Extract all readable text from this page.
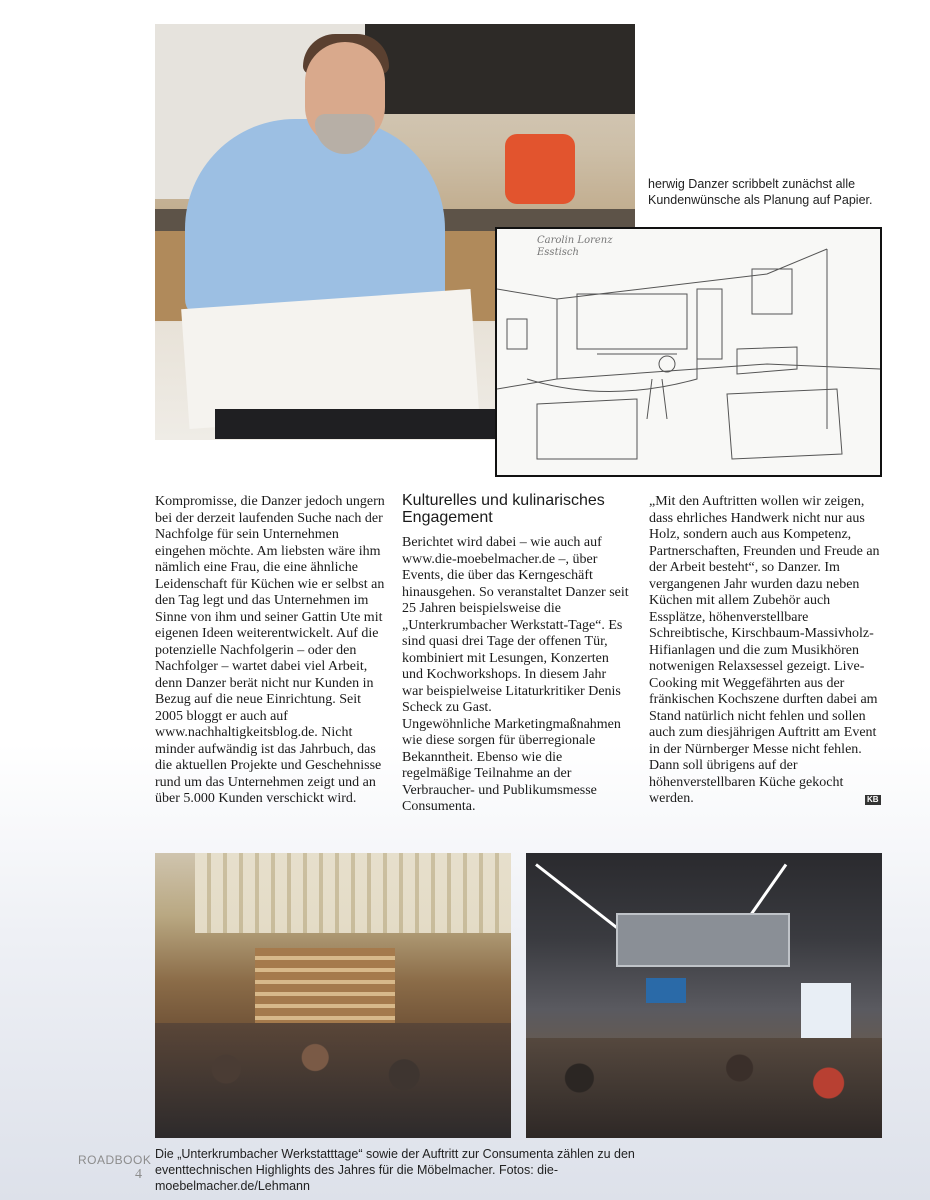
herwig Danzer scribbelt zunächst alle Kundenwünsche als Planung auf Papier.
Carolin Lorenz
Esstisch

Kompromisse, die Danzer jedoch ungern bei der derzeit laufenden Suche nach der Nachfolge für sein Unternehmen eingehen möchte. Am liebsten wäre ihm nämlich eine Frau, die eine ähnliche Leidenschaft für Küchen wie er selbst an den Tag legt und das Unternehmen im Sinne von ihm und seiner Gattin Ute mit eigenen Ideen weiterentwickelt. Auf die potenzielle Nachfolgerin – oder den Nachfolger – wartet dabei viel Arbeit, denn Danzer berät nicht nur Kunden in Bezug auf die neue Einrichtung. Seit 2005 bloggt er auch auf www.nachhaltigkeitsblog.de. Nicht minder aufwändig ist das Jahrbuch, das die aktuellen Projekte und Geschehnisse rund um das Unternehmen zeigt und an über 5.000 Kunden verschickt wird.

Kulturelles und kulinarisches Engagement

Berichtet wird dabei – wie auch auf www.die-moebelmacher.de –, über Events, die über das Kerngeschäft hinausgehen. So veranstaltet Danzer seit 25 Jahren beispielsweise die „Unterkrumbacher Werkstatt-Tage“. Es sind quasi drei Tage der offenen Tür, kombiniert mit Lesungen, Konzerten und Kochworkshops. In diesem Jahr war beispielweise Litaturkritiker Denis Scheck zu Gast.

Ungewöhnliche Marketingmaßnahmen wie diese sorgen für überregionale Bekanntheit. Ebenso wie die regelmäßige Teilnahme an der Verbraucher- und Publikumsmesse Consumenta.

„Mit den Auftritten wollen wir zeigen, dass ehrliches Handwerk nicht nur aus Holz, sondern auch aus Kompetenz, Partnerschaften, Freunden und Freude an der Arbeit besteht“, so Danzer. Im vergangenen Jahr wurden dazu neben Küchen mit allem Zubehör auch Essplätze, höhenverstellbare Schreibtische, Kirschbaum-Massivholz-Hifianlagen und die zum Musikhören notwenigen Relaxsessel gezeigt. Live-Cooking mit Weggefährten aus der fränkischen Kochszene durften dabei am Stand natürlich nicht fehlen und sollen auch zum diesjährigen Auftritt am Event in der Nürnberger Messe nicht fehlen. Dann soll übrigens auf der höhenverstellbaren Küche gekocht werden.	KB
Die „Unterkrumbacher Werkstatttage“ sowie der Auftritt zur Consumenta zählen zu den eventtechnischen Highlights des Jahres für die Möbelmacher. Fotos: die-moebelmacher.de/Lehmann
ROADBOOK
4
